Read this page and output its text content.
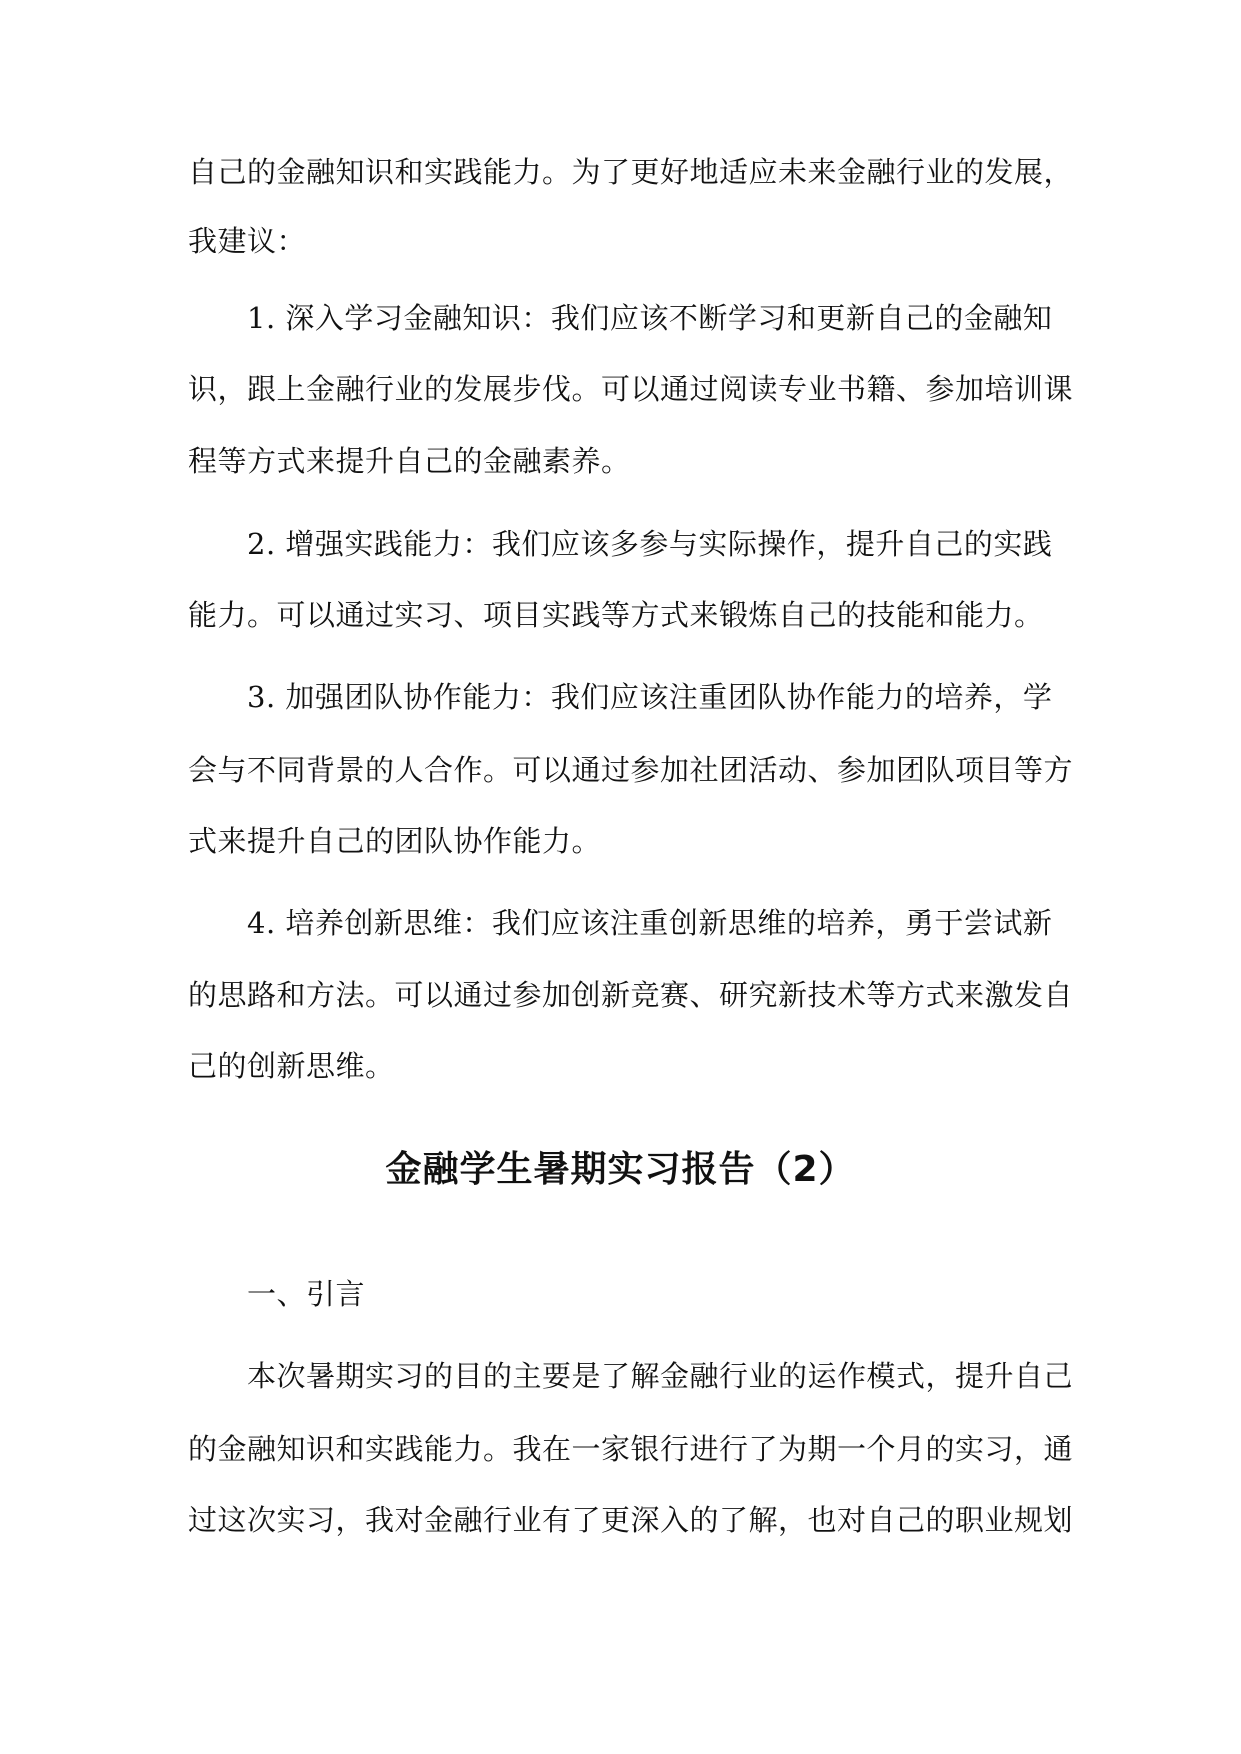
自己的金融知识和实践能力。为了更好地适应未来金融行业的发展，
我建议：
1. 深入学习金融知识：我们应该不断学习和更新自己的金融知
识，跟上金融行业的发展步伐。可以通过阅读专业书籍、参加培训课
程等方式来提升自己的金融素养。
2. 增强实践能力：我们应该多参与实际操作，提升自己的实践
能力。可以通过实习、项目实践等方式来锻炼自己的技能和能力。
3. 加强团队协作能力：我们应该注重团队协作能力的培养，学
会与不同背景的人合作。可以通过参加社团活动、参加团队项目等方
式来提升自己的团队协作能力。
4. 培养创新思维：我们应该注重创新思维的培养，勇于尝试新
的思路和方法。可以通过参加创新竞赛、研究新技术等方式来激发自
己的创新思维。
金融学生暑期实习报告（2）
一、引言
本次暑期实习的目的主要是了解金融行业的运作模式，提升自己
的金融知识和实践能力。我在一家银行进行了为期一个月的实习，通
过这次实习，我对金融行业有了更深入的了解，也对自己的职业规划
